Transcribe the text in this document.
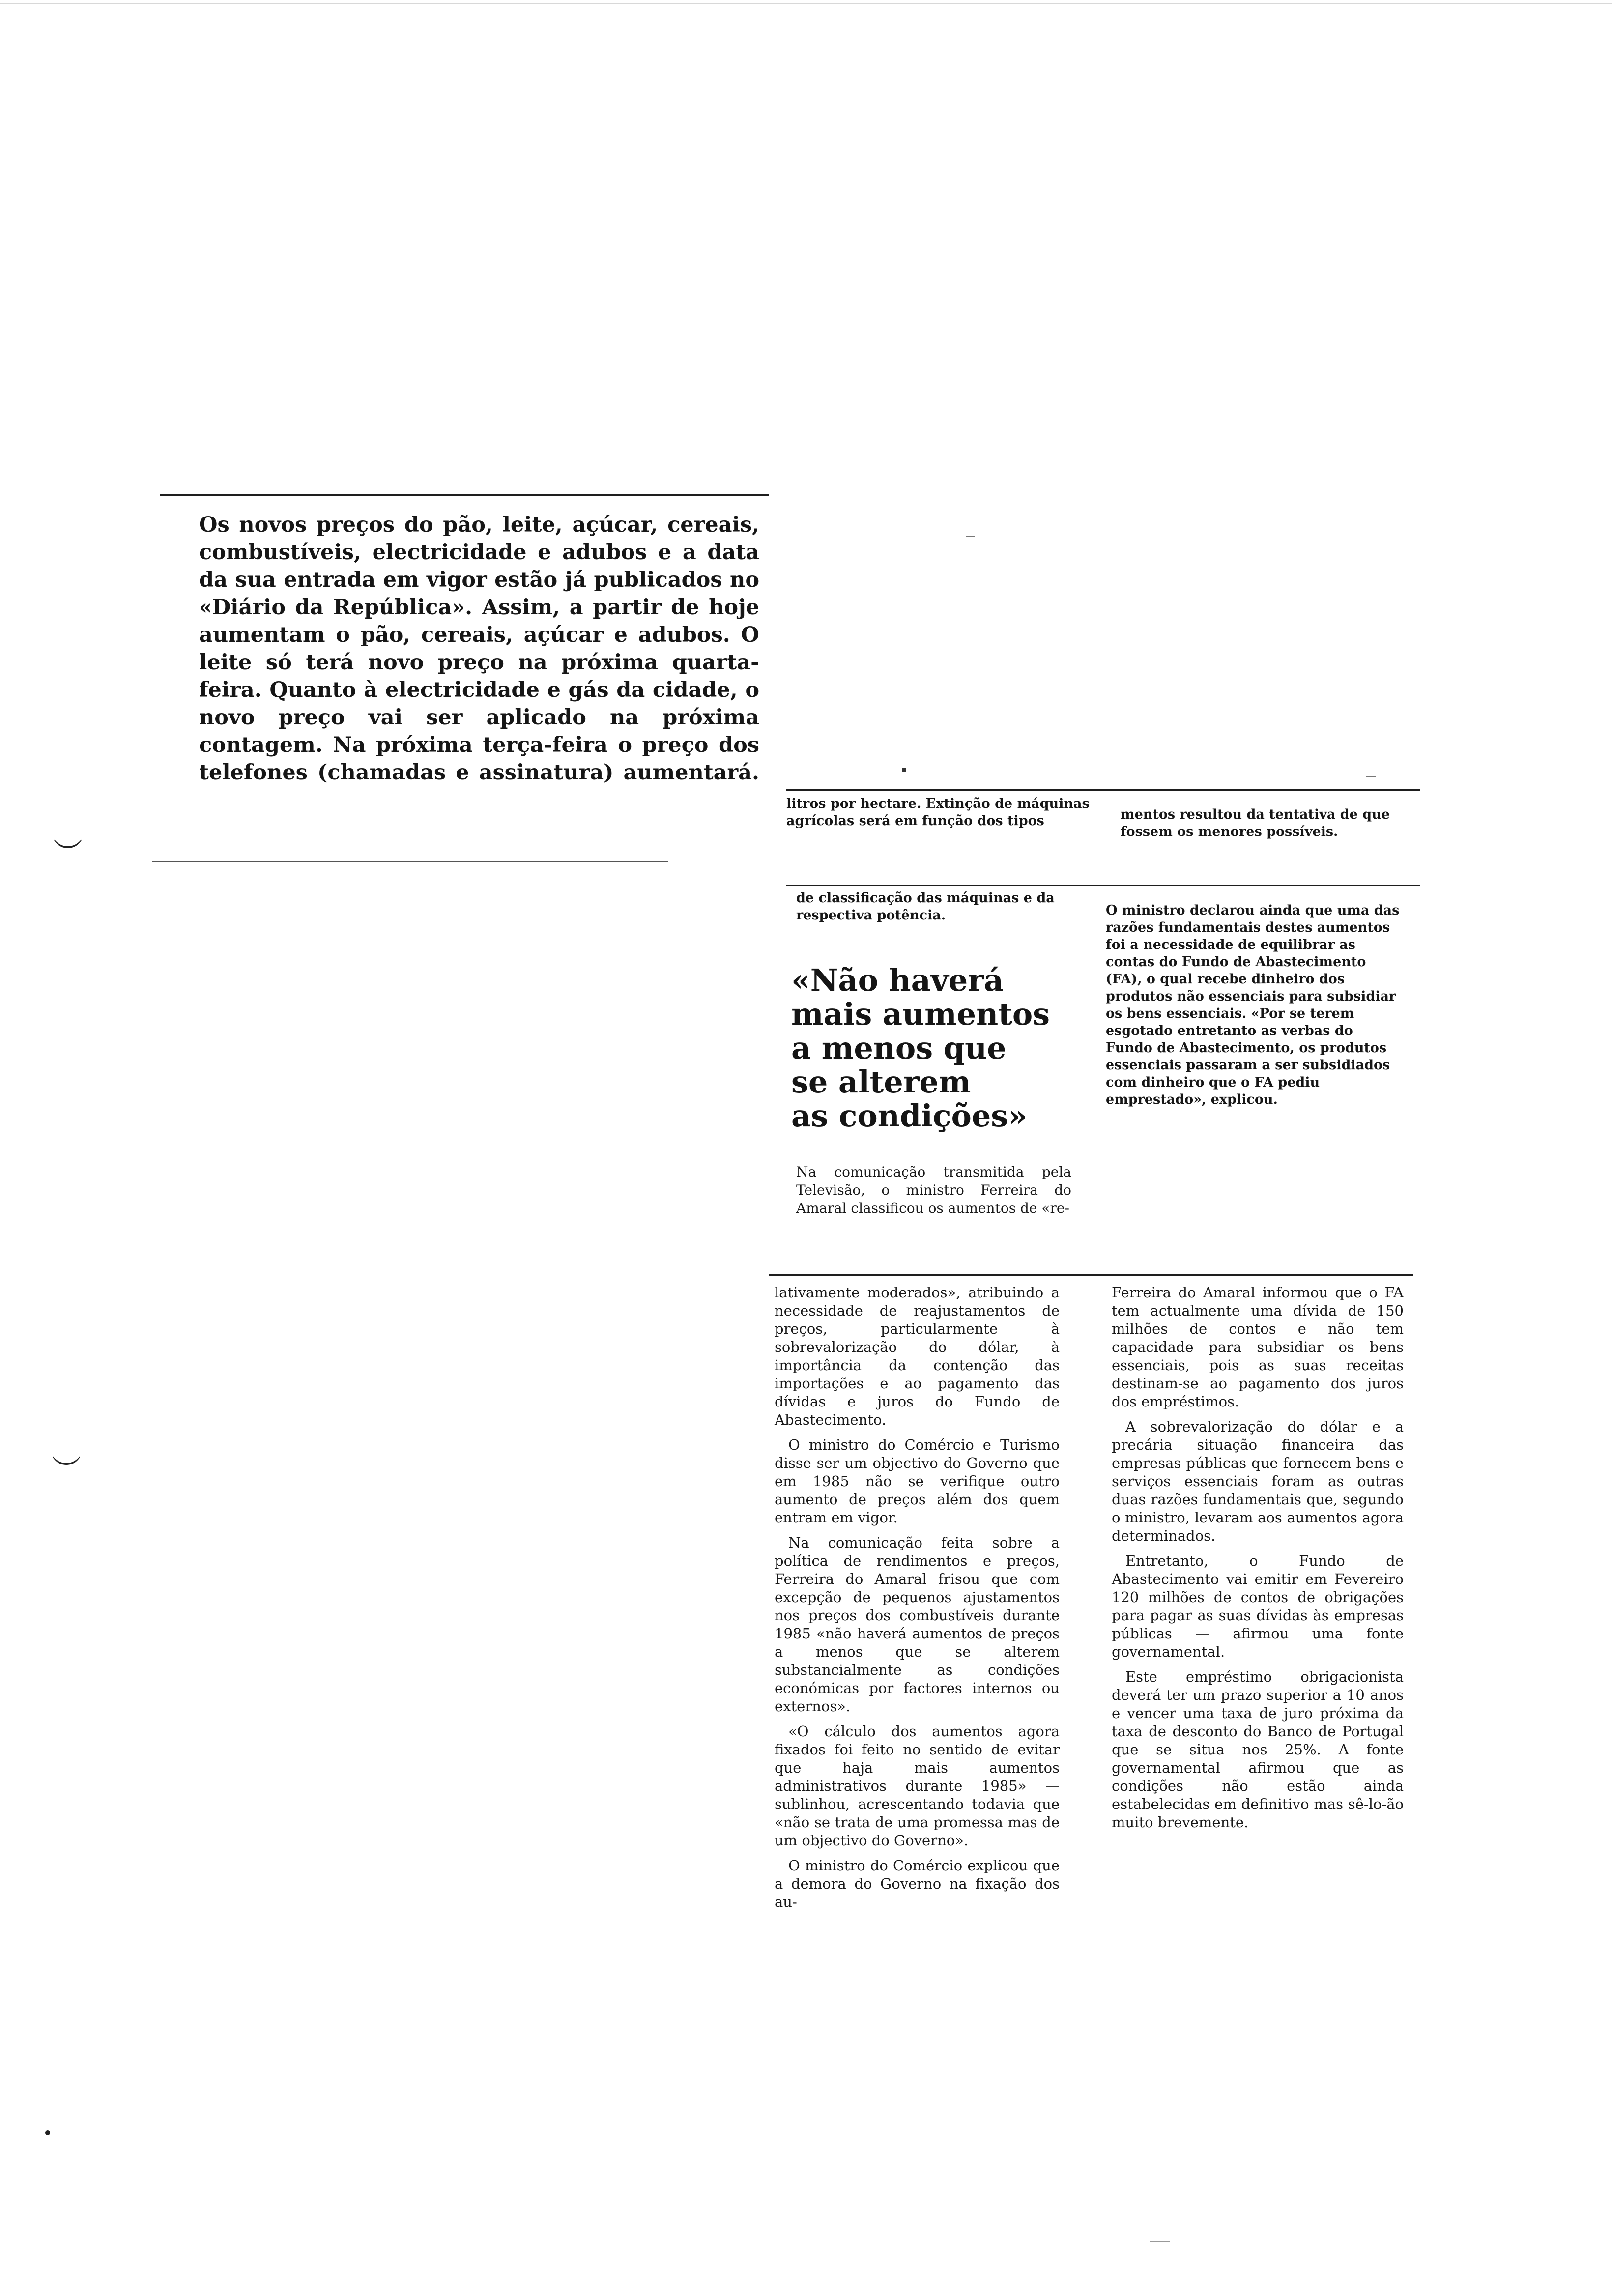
Os novos preços do pão, leite, açúcar, cereais, combustíveis, electricidade e adubos e a data da sua entrada em vigor estão já publicados no «Diário da República». Assim, a partir de hoje aumentam o pão, cereais, açúcar e adubos. O leite só terá novo preço na próxima quarta-feira. Quanto à electricidade e gás da cidade, o novo preço vai ser aplicado na próxima contagem. Na próxima terça-feira o preço dos telefones (chamadas e assinatura) aumentará.

litros por hectare. Extinção de máquinas agrícolas será em função dos tipos	mentos resultou da tentativa de que fossem os menores possíveis.

de classificação das máquinas e da respectiva potência.	O ministro declarou ainda que uma das razões fundamentais destes aumentos foi a necessidade de equilibrar as contas do Fundo de Abastecimento (FA), o qual recebe dinheiro dos produtos não essenciais para subsidiar os bens essenciais. «Por se terem esgotado entretanto as verbas do Fundo de Abastecimento, os produtos essenciais passaram a ser subsidiados com dinheiro que o FA pediu emprestado», explicou.

«Não haverá
mais aumentos
a menos que
se alterem
as condições»

Na comunicação transmitida pela Televisão, o ministro Ferreira do Amaral classificou os aumentos de «re-

lativamente moderados», atribuindo a necessidade de reajustamentos de preços, particularmente à sobrevalorização do dólar, à importância da contenção das importações e ao pagamento das dívidas e juros do Fundo de Abastecimento.

O ministro do Comércio e Turismo disse ser um objectivo do Governo que em 1985 não se verifique outro aumento de preços além dos quem entram em vigor.

Na comunicação feita sobre a política de rendimentos e preços, Ferreira do Amaral frisou que com excepção de pequenos ajustamentos nos preços dos combustíveis durante 1985 «não haverá aumentos de preços a menos que se alterem substancialmente as condições económicas por factores internos ou externos».

«O cálculo dos aumentos agora fixados foi feito no sentido de evitar que haja mais aumentos administrativos durante 1985» — sublinhou, acrescentando todavia que «não se trata de uma promessa mas de um objectivo do Governo».

O ministro do Comércio explicou que a demora do Governo na fixação dos au-

Ferreira do Amaral informou que o FA tem actualmente uma dívida de 150 milhões de contos e não tem capacidade para subsidiar os bens essenciais, pois as suas receitas destinam-se ao pagamento dos juros dos empréstimos.

A sobrevalorização do dólar e a precária situação financeira das empresas públicas que fornecem bens e serviços essenciais foram as outras duas razões fundamentais que, segundo o ministro, levaram aos aumentos agora determinados.

Entretanto, o Fundo de Abastecimento vai emitir em Fevereiro 120 milhões de contos de obrigações para pagar as suas dívidas às empresas públicas — afirmou uma fonte governamental.

Este empréstimo obrigacionista deverá ter um prazo superior a 10 anos e vencer uma taxa de juro próxima da taxa de desconto do Banco de Portugal que se situa nos 25%. A fonte governamental afirmou que as condições não estão ainda estabelecidas em definitivo mas sê-lo-ão muito brevemente.

︶
︶
